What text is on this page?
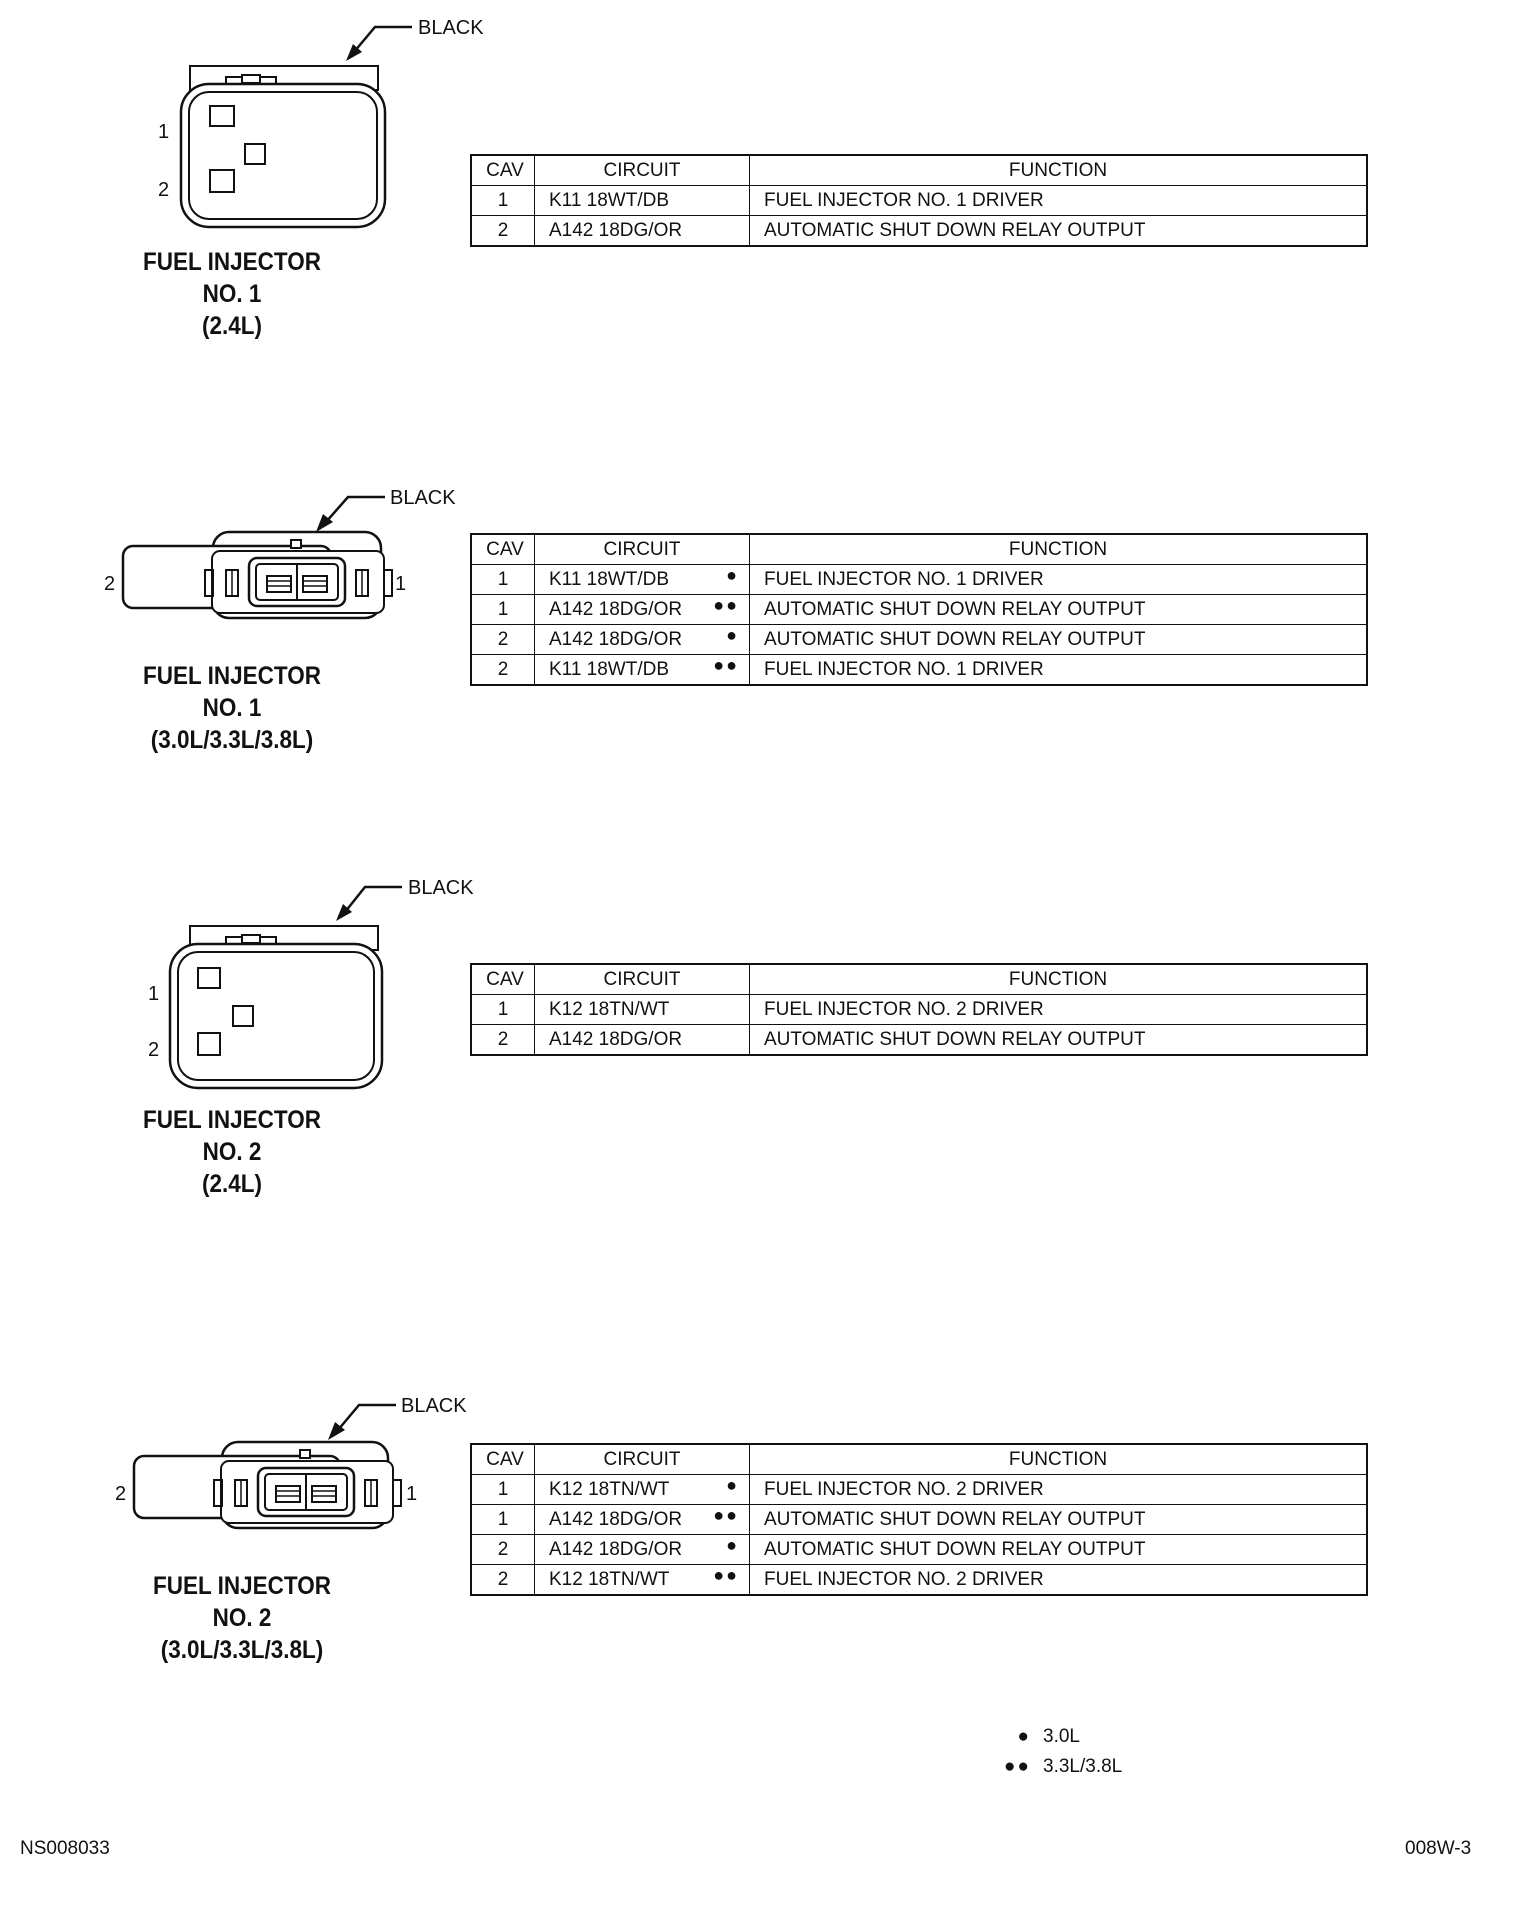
BLACK
1
2
FUEL INJECTOR
NO. 1
(2.4L)
CAV	CIRCUIT	FUNCTION
1	K11 18WT/DB	FUEL INJECTOR NO. 1 DRIVER
2	A142 18DG/OR	AUTOMATIC SHUT DOWN RELAY OUTPUT
BLACK
2	1
FUEL INJECTOR
NO. 1
(3.0L/3.3L/3.8L)
CAV	CIRCUIT	FUNCTION
1	K11 18WT/DB ●	FUEL INJECTOR NO. 1 DRIVER
1	A142 18DG/OR ●●	AUTOMATIC SHUT DOWN RELAY OUTPUT
2	A142 18DG/OR ●	AUTOMATIC SHUT DOWN RELAY OUTPUT
2	K11 18WT/DB ●●	FUEL INJECTOR NO. 1 DRIVER
BLACK
1
2
FUEL INJECTOR
NO. 2
(2.4L)
CAV	CIRCUIT	FUNCTION
1	K12 18TN/WT	FUEL INJECTOR NO. 2 DRIVER
2	A142 18DG/OR	AUTOMATIC SHUT DOWN RELAY OUTPUT
BLACK
2	1
FUEL INJECTOR
NO. 2
(3.0L/3.3L/3.8L)
CAV	CIRCUIT	FUNCTION
1	K12 18TN/WT ●	FUEL INJECTOR NO. 2 DRIVER
1	A142 18DG/OR ●●	AUTOMATIC SHUT DOWN RELAY OUTPUT
2	A142 18DG/OR ●	AUTOMATIC SHUT DOWN RELAY OUTPUT
2	K12 18TN/WT ●●	FUEL INJECTOR NO. 2 DRIVER
● 3.0L
●● 3.3L/3.8L
NS008033	008W-3
